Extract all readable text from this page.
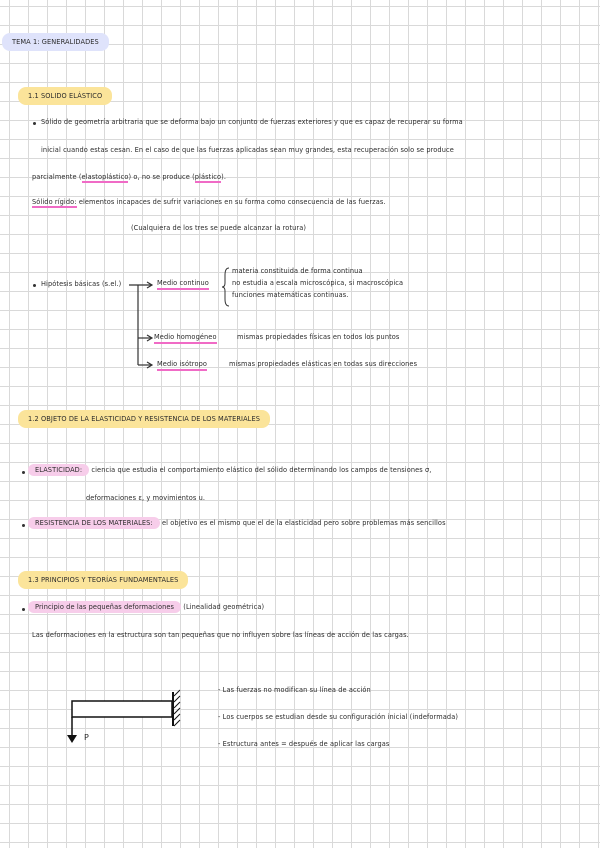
TEMA 1: GENERALIDADES
1.1 SOLIDO ELÁSTICO
Sólido de geometría arbitraria que se deforma bajo un conjunto de fuerzas exteriores y que es capaz de recuperar su forma
inicial cuando estas cesan. En el caso de que las fuerzas aplicadas sean muy grandes, esta recuperación solo se produce
parcialmente (elastoplástico) o, no se produce (plástico).
Sólido rígido: elementos incapaces de sufrir variaciones en su forma como consecuencia de las fuerzas.
(Cualquiera de los tres se puede alcanzar la rotura)
Hipótesis básicas (s.el.)	Medio continuo
materia constituida de forma continua
no estudia a escala microscópica, si macroscópica
funciones matemáticas continuas.
Medio homogéneo	mismas propiedades físicas en todos los puntos
Medio isótropo	mismas propiedades elásticas en todas sus direcciones
1.2 OBJETO DE LA ELASTICIDAD Y RESISTENCIA DE LOS MATERIALES
ELASTICIDAD: ciencia que estudia el comportamiento elástico del sólido determinando los campos de tensiones σ,
deformaciones ε, y movimientos u.
RESISTENCIA DE LOS MATERIALES: el objetivo es el mismo que el de la elasticidad pero sobre problemas más sencillos
1.3 PRINCIPIOS Y TEORÍAS FUNDAMENTALES
Principio de las pequeñas deformaciones (Linealidad geométrica)
Las deformaciones en la estructura son tan pequeñas que no influyen sobre las líneas de acción de las cargas.
P
- Las fuerzas no modifican su línea de acción
- Los cuerpos se estudian desde su configuración inicial (indeformada)
- Estructura antes = después de aplicar las cargas
